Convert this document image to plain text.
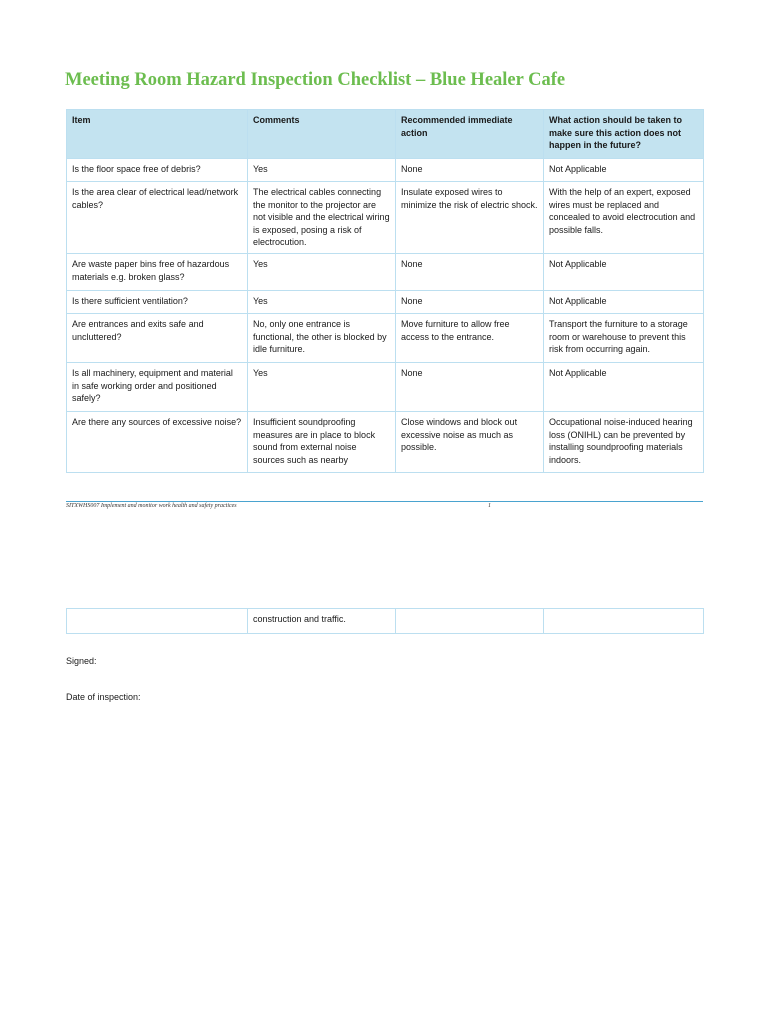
Meeting Room Hazard Inspection Checklist – Blue Healer Cafe
Item	Comments	Recommended immediate action	What action should be taken to make sure this action does not happen in the future?
Is the floor space free of debris?	Yes	None	Not Applicable
Is the area clear of electrical lead/network cables?	The electrical cables connecting the monitor to the projector are not visible and the electrical wiring is exposed, posing a risk of electrocution.	Insulate exposed wires to minimize the risk of electric shock.	With the help of an expert, exposed wires must be replaced and concealed to avoid electrocution and possible falls.
Are waste paper bins free of hazardous materials e.g. broken glass?	Yes	None	Not Applicable
Is there sufficient ventilation?	Yes	None	Not Applicable
Are entrances and exits safe and uncluttered?	No, only one entrance is functional, the other is blocked by idle furniture.	Move furniture to allow free access to the entrance.	Transport the furniture to a storage room or warehouse to prevent this risk from occurring again.
Is all machinery, equipment and material in safe working order and positioned safely?	Yes	None	Not Applicable
Are there any sources of excessive noise?	Insufficient soundproofing measures are in place to block sound from external noise sources such as nearby	Close windows and block out excessive noise as much as possible.	Occupational noise-induced hearing loss (ONIHL) can be prevented by installing soundproofing materials indoors.
SITXWHS007 Implement and monitor work health and safety practices	1
	construction and traffic.		
Signed:
Date of inspection:
